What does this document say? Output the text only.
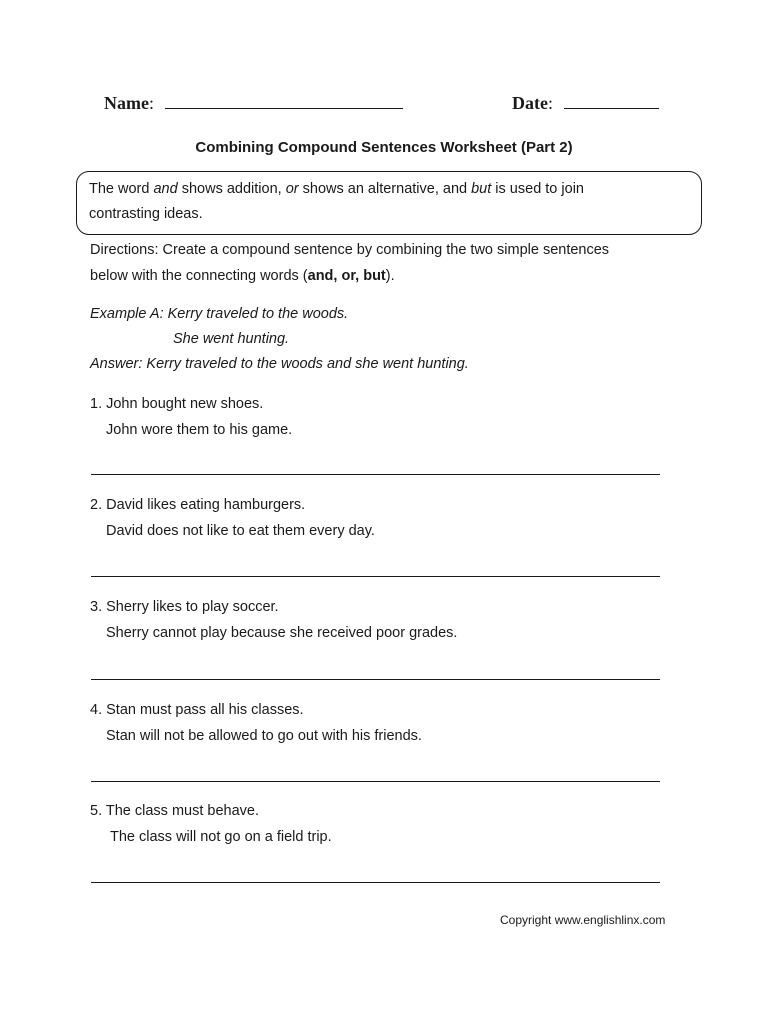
Name:	Date:
Combining Compound Sentences Worksheet (Part 2)
The word and shows addition, or shows an alternative, and but is used to join
contrasting ideas.
Directions: Create a compound sentence by combining the two simple sentences
below with the connecting words (and, or, but).
Example A: Kerry traveled to the woods.
She went hunting.
Answer: Kerry traveled to the woods and she went hunting.
1. John bought new shoes.
John wore them to his game.
2. David likes eating hamburgers.
David does not like to eat them every day.
3. Sherry likes to play soccer.
Sherry cannot play because she received poor grades.
4. Stan must pass all his classes.
Stan will not be allowed to go out with his friends.
5. The class must behave.
The class will not go on a field trip.
Copyright www.englishlinx.com
